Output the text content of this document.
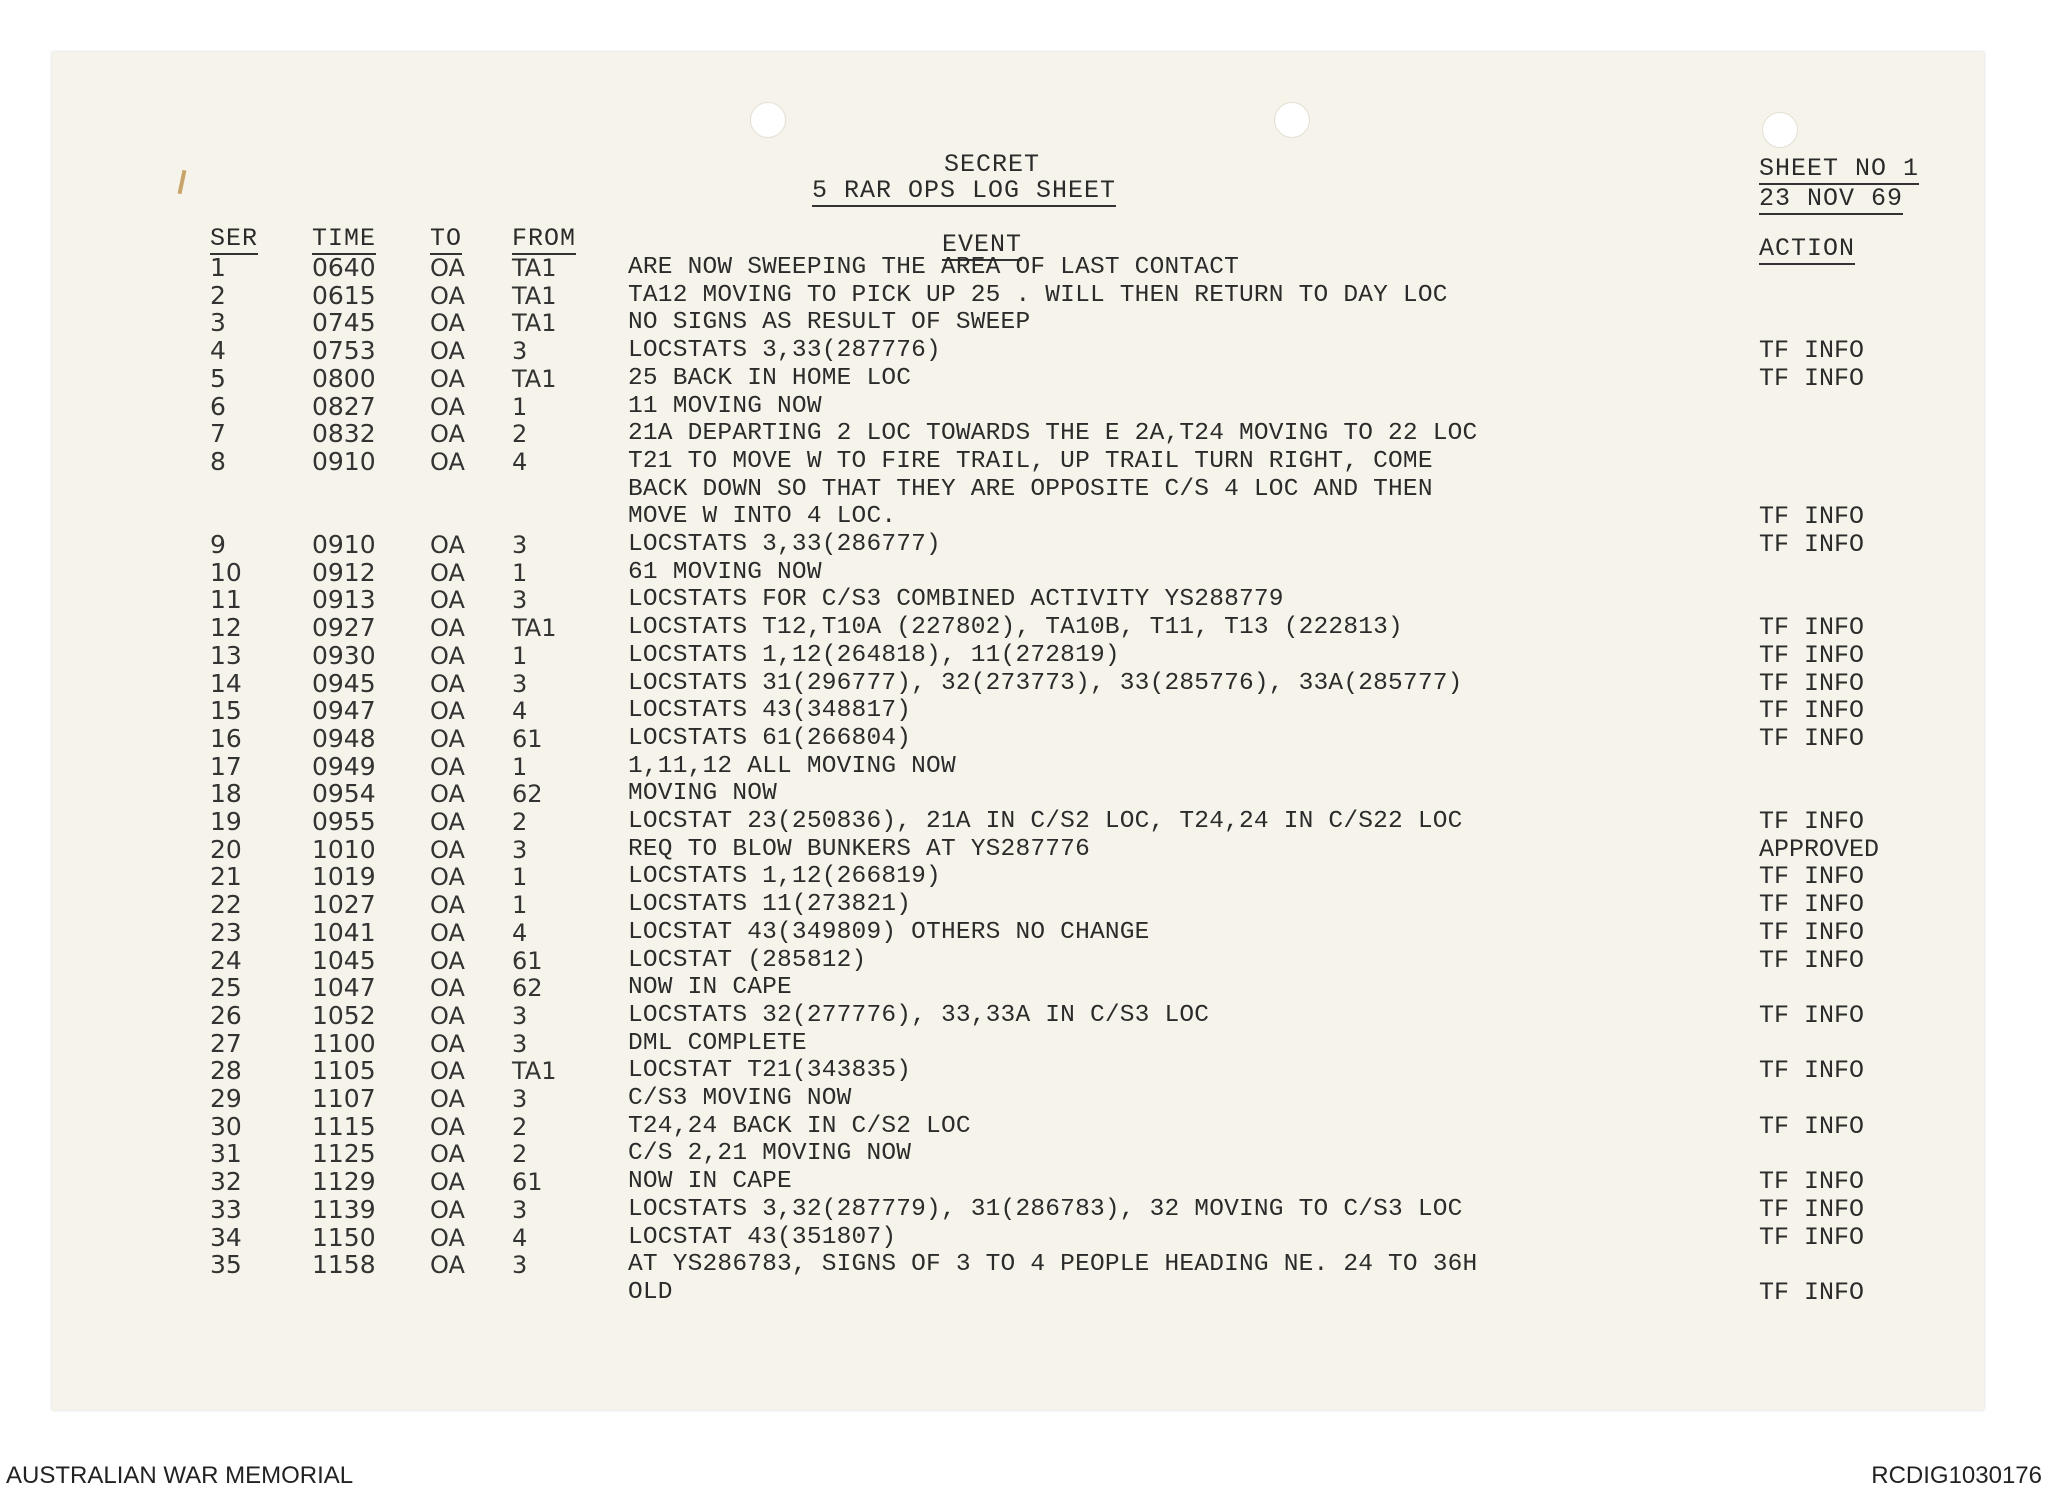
SECRET
5 RAR OPS LOG SHEET
SHEET NO 1
23 NOV 69
SER TIME TO FROM	EVENT	ACTION
1	0640 OA TA1	ARE NOW SWEEPING THE AREA OF LAST CONTACT
2	0615 OA TA1	TA12 MOVING TO PICK UP 25 . WILL THEN RETURN TO DAY LOC
3	0745 OA TA1	NO SIGNS AS RESULT OF SWEEP
4	0753 OA 3	LOCSTATS 3,33(287776)	TF INFO
5	0800 OA TA1	25 BACK IN HOME LOC	TF INFO
6	0827 OA 1	11 MOVING NOW
7	0832 OA 2	21A DEPARTING 2 LOC TOWARDS THE E 2A,T24 MOVING TO 22 LOC
8	0910 OA 4	T21 TO MOVE W TO FIRE TRAIL, UP TRAIL TURN RIGHT, COME
BACK DOWN SO THAT THEY ARE OPPOSITE C/S 4 LOC AND THEN
MOVE W INTO 4 LOC.	TF INFO
9	0910 OA 3	LOCSTATS 3,33(286777)	TF INFO
10	0912 OA 1	61 MOVING NOW
11	0913 OA 3	LOCSTATS FOR C/S3 COMBINED ACTIVITY YS288779
12	0927 OA TA1	LOCSTATS T12,T10A (227802), TA10B, T11, T13 (222813)	TF INFO
13	0930 OA 1	LOCSTATS 1,12(264818), 11(272819)	TF INFO
14	0945 OA 3	LOCSTATS 31(296777), 32(273773), 33(285776), 33A(285777)	TF INFO
15	0947 OA 4	LOCSTATS 43(348817)	TF INFO
16	0948 OA 61	LOCSTATS 61(266804)	TF INFO
17	0949 OA 1	1,11,12 ALL MOVING NOW
18	0954 OA 62	MOVING NOW
19	0955 OA 2	LOCSTAT 23(250836), 21A IN C/S2 LOC, T24,24 IN C/S22 LOC	TF INFO
20	1010 OA 3	REQ TO BLOW BUNKERS AT YS287776	APPROVED
21	1019 OA 1	LOCSTATS 1,12(266819)	TF INFO
22	1027 OA 1	LOCSTATS 11(273821)	TF INFO
23	1041 OA 4	LOCSTAT 43(349809) OTHERS NO CHANGE	TF INFO
24	1045 OA 61	LOCSTAT (285812)	TF INFO
25	1047 OA 62	NOW IN CAPE
26	1052 OA 3	LOCSTATS 32(277776), 33,33A IN C/S3 LOC	TF INFO
27	1100 OA 3	DML COMPLETE
28	1105 OA TA1	LOCSTAT T21(343835)	TF INFO
29	1107 OA 3	C/S3 MOVING NOW
30	1115 OA 2	T24,24 BACK IN C/S2 LOC	TF INFO
31	1125 OA 2	C/S 2,21 MOVING NOW
32	1129 OA 61	NOW IN CAPE	TF INFO
33	1139 OA 3	LOCSTATS 3,32(287779), 31(286783), 32 MOVING TO C/S3 LOC	TF INFO
34	1150 OA 4	LOCSTAT 43(351807)	TF INFO
35	1158 OA 3	AT YS286783, SIGNS OF 3 TO 4 PEOPLE HEADING NE. 24 TO 36H
OLD	TF INFO
AUSTRALIAN WAR MEMORIAL	RCDIG1030176
